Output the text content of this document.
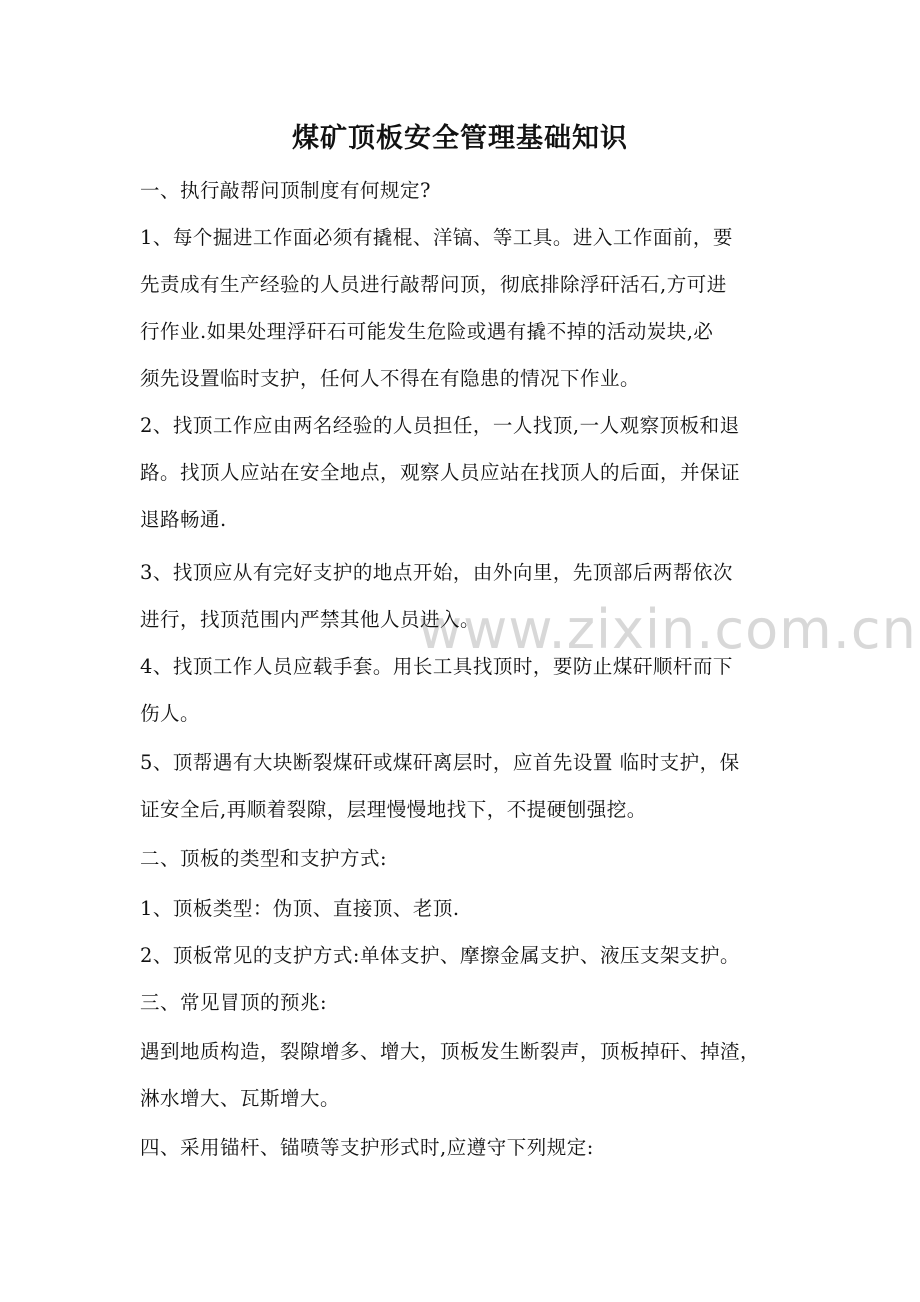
www.zixin.com.cn
煤矿顶板安全管理基础知识
一、执行敲帮问顶制度有何规定?
1、每个掘进工作面必须有撬棍、洋镐、等工具。进入工作面前，要
先责成有生产经验的人员进行敲帮问顶，彻底排除浮矸活石,方可进
行作业.如果处理浮矸石可能发生危险或遇有撬不掉的活动炭块,必
须先设置临时支护，任何人不得在有隐患的情况下作业。
2、找顶工作应由两名经验的人员担任，一人找顶,一人观察顶板和退
路。找顶人应站在安全地点，观察人员应站在找顶人的后面，并保证
退路畅通.
3、找顶应从有完好支护的地点开始，由外向里，先顶部后两帮依次
进行，找顶范围内严禁其他人员进入。
4、找顶工作人员应载手套。用长工具找顶时，要防止煤矸顺杆而下
伤人。
5、顶帮遇有大块断裂煤矸或煤矸离层时，应首先设置 临时支护，保
证安全后,再顺着裂隙，层理慢慢地找下，不提硬刨强挖。
二、顶板的类型和支护方式:
1、顶板类型：伪顶、直接顶、老顶.
2、顶板常见的支护方式:单体支护、摩擦金属支护、液压支架支护。
三、常见冒顶的预兆:
遇到地质构造，裂隙增多、增大，顶板发生断裂声，顶板掉矸、掉渣，
淋水增大、瓦斯增大。
四、采用锚杆、锚喷等支护形式时,应遵守下列规定:
